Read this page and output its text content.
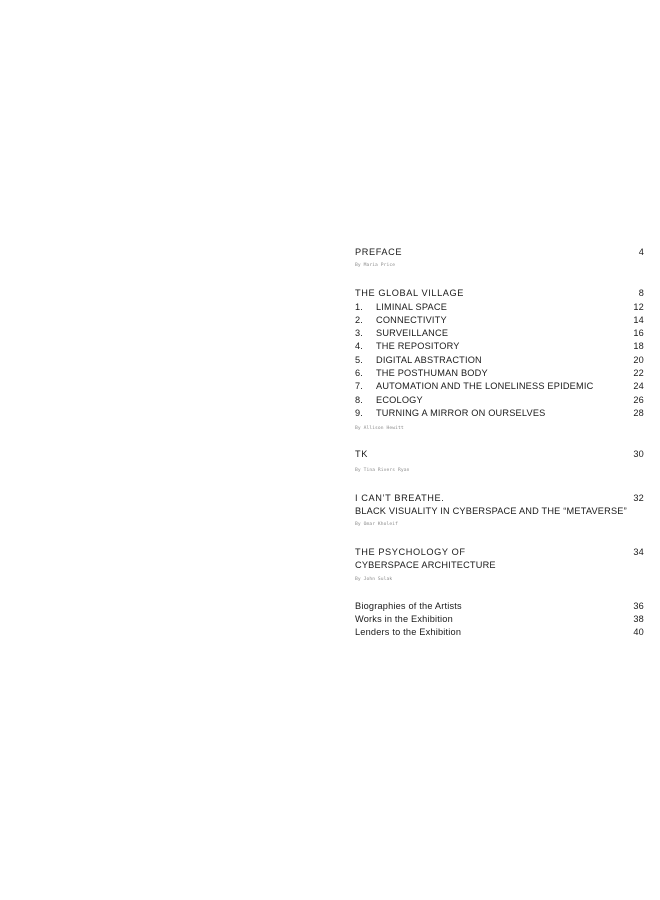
PREFACE	4
By Maria Price
THE GLOBAL VILLAGE	8
1. LIMINAL SPACE	12
2. CONNECTIVITY	14
3. SURVEILLANCE	16
4. THE REPOSITORY	18
5. DIGITAL ABSTRACTION	20
6. THE POSTHUMAN BODY	22
7. AUTOMATION AND THE LONELINESS EPIDEMIC	24
8. ECOLOGY	26
9. TURNING A MIRROR ON OURSELVES	28
By Allison Hewitt
TK	30
By Tina Rivers Ryan
I CAN’T BREATHE.	32
BLACK VISUALITY IN CYBERSPACE AND THE “METAVERSE”
By Omar Kholeif
THE PSYCHOLOGY OF	34
CYBERSPACE ARCHITECTURE
By John Sulak
Biographies of the Artists	36
Works in the Exhibition	38
Lenders to the Exhibition	40
